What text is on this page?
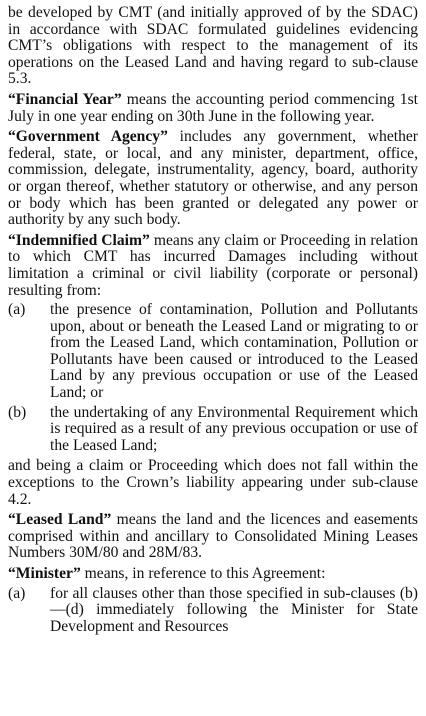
be developed by CMT (and initially approved of by the SDAC) in accordance with SDAC formulated guidelines evidencing CMT’s obligations with respect to the management of its operations on the Leased Land and having regard to sub-clause 5.3.

“Financial Year” means the accounting period commencing 1st July in one year ending on 30th June in the following year.

“Government Agency” includes any government, whether federal, state, or local, and any minister, department, office, commission, delegate, instrumentality, agency, board, authority or organ thereof, whether statutory or otherwise, and any person or body which has been granted or delegated any power or authority by any such body.

“Indemnified Claim” means any claim or Proceeding in relation to which CMT has incurred Damages including without limitation a criminal or civil liability (corporate or personal) resulting from:

(a)	the presence of contamination, Pollution and Pollutants upon, about or beneath the Leased Land or migrating to or from the Leased Land, which contamination, Pollution or Pollutants have been caused or introduced to the Leased Land by any previous occupation or use of the Leased Land; or
(b)	the undertaking of any Environmental Requirement which is required as a result of any previous occupation or use of the Leased Land;

and being a claim or Proceeding which does not fall within the exceptions to the Crown’s liability appearing under sub-clause 4.2.

“Leased Land” means the land and the licences and easements comprised within and ancillary to Consolidated Mining Leases Numbers 30M/80 and 28M/83.

“Minister” means, in reference to this Agreement:

(a)	for all clauses other than those specified in sub-clauses (b)—(d) immediately following the Minister for State Development and Resources
